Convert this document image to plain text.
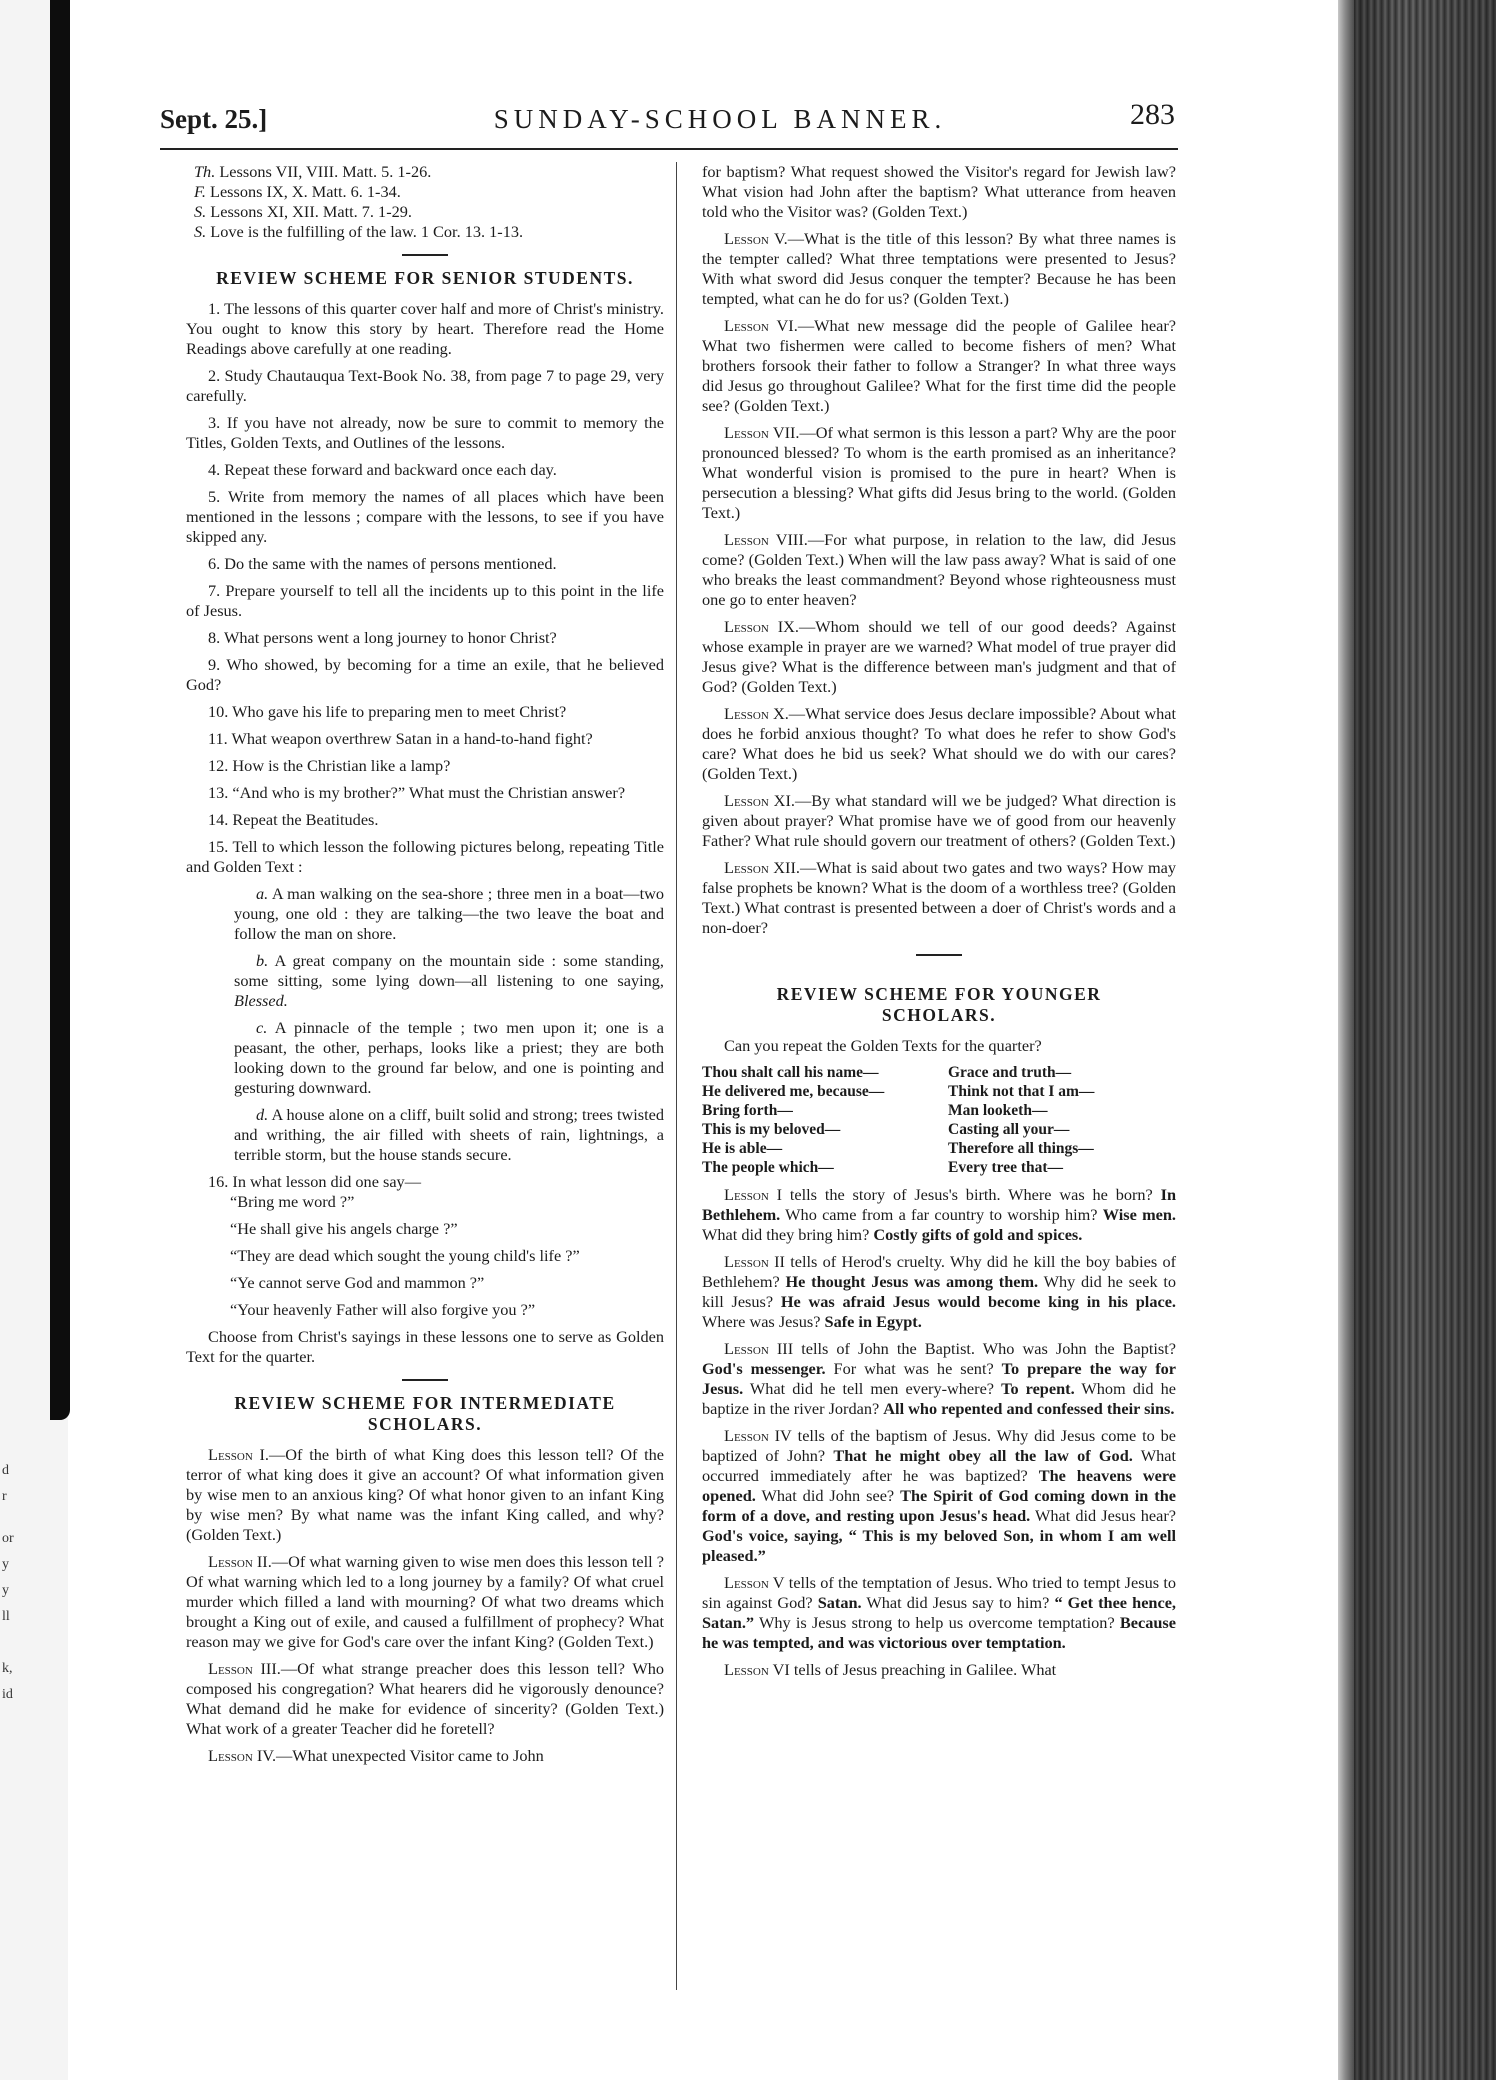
d
r
or
y
y
ll
k,
id
Sept. 25.]	SUNDAY-SCHOOL BANNER.	283
Th. Lessons VII, VIII. Matt. 5. 1-26.
F. Lessons IX, X. Matt. 6. 1-34.
S. Lessons XI, XII. Matt. 7. 1-29.
S. Love is the fulfilling of the law. 1 Cor. 13. 1-13.
REVIEW SCHEME FOR SENIOR STUDENTS.

1. The lessons of this quarter cover half and more of Christ's ministry. You ought to know this story by heart. Therefore read the Home Readings above carefully at one reading.

2. Study Chautauqua Text-Book No. 38, from page 7 to page 29, very carefully.

3. If you have not already, now be sure to commit to memory the Titles, Golden Texts, and Outlines of the lessons.

4. Repeat these forward and backward once each day.

5. Write from memory the names of all places which have been mentioned in the lessons ; compare with the lessons, to see if you have skipped any.

6. Do the same with the names of persons mentioned.

7. Prepare yourself to tell all the incidents up to this point in the life of Jesus.

8. What persons went a long journey to honor Christ?

9. Who showed, by becoming for a time an exile, that he believed God?

10. Who gave his life to preparing men to meet Christ?

11. What weapon overthrew Satan in a hand-to-hand fight?

12. How is the Christian like a lamp?

13. “And who is my brother?” What must the Christian answer?

14. Repeat the Beatitudes.

15. Tell to which lesson the following pictures belong, repeating Title and Golden Text :

a. A man walking on the sea-shore ; three men in a boat—two young, one old : they are talking—the two leave the boat and follow the man on shore.

b. A great company on the mountain side : some standing, some sitting, some lying down—all listening to one saying, Blessed.

c. A pinnacle of the temple ; two men upon it; one is a peasant, the other, perhaps, looks like a priest; they are both looking down to the ground far below, and one is pointing and gesturing downward.

d. A house alone on a cliff, built solid and strong; trees twisted and writhing, the air filled with sheets of rain, lightnings, a terrible storm, but the house stands secure.

16. In what lesson did one say—

“Bring me word ?”

“He shall give his angels charge ?”

“They are dead which sought the young child's life ?”

“Ye cannot serve God and mammon ?”

“Your heavenly Father will also forgive you ?”

Choose from Christ's sayings in these lessons one to serve as Golden Text for the quarter.

REVIEW SCHEME FOR INTERMEDIATE SCHOLARS.

Lesson I.—Of the birth of what King does this lesson tell? Of the terror of what king does it give an account? Of what information given by wise men to an anxious king? Of what honor given to an infant King by wise men? By what name was the infant King called, and why? (Golden Text.)

Lesson II.—Of what warning given to wise men does this lesson tell ? Of what warning which led to a long journey by a family? Of what cruel murder which filled a land with mourning? Of what two dreams which brought a King out of exile, and caused a fulfillment of prophecy? What reason may we give for God's care over the infant King? (Golden Text.)

Lesson III.—Of what strange preacher does this lesson tell? Who composed his congregation? What hearers did he vigorously denounce? What demand did he make for evidence of sincerity? (Golden Text.) What work of a greater Teacher did he foretell?

Lesson IV.—What unexpected Visitor came to John

for baptism? What request showed the Visitor's regard for Jewish law? What vision had John after the baptism? What utterance from heaven told who the Visitor was? (Golden Text.)

Lesson V.—What is the title of this lesson? By what three names is the tempter called? What three temptations were presented to Jesus? With what sword did Jesus conquer the tempter? Because he has been tempted, what can he do for us? (Golden Text.)

Lesson VI.—What new message did the people of Galilee hear? What two fishermen were called to become fishers of men? What brothers forsook their father to follow a Stranger? In what three ways did Jesus go throughout Galilee? What for the first time did the people see? (Golden Text.)

Lesson VII.—Of what sermon is this lesson a part? Why are the poor pronounced blessed? To whom is the earth promised as an inheritance? What wonderful vision is promised to the pure in heart? When is persecution a blessing? What gifts did Jesus bring to the world. (Golden Text.)

Lesson VIII.—For what purpose, in relation to the law, did Jesus come? (Golden Text.) When will the law pass away? What is said of one who breaks the least commandment? Beyond whose righteousness must one go to enter heaven?

Lesson IX.—Whom should we tell of our good deeds? Against whose example in prayer are we warned? What model of true prayer did Jesus give? What is the difference between man's judgment and that of God? (Golden Text.)

Lesson X.—What service does Jesus declare impossible? About what does he forbid anxious thought? To what does he refer to show God's care? What does he bid us seek? What should we do with our cares? (Golden Text.)

Lesson XI.—By what standard will we be judged? What direction is given about prayer? What promise have we of good from our heavenly Father? What rule should govern our treatment of others? (Golden Text.)

Lesson XII.—What is said about two gates and two ways? How may false prophets be known? What is the doom of a worthless tree? (Golden Text.) What contrast is presented between a doer of Christ's words and a non-doer?

REVIEW SCHEME FOR YOUNGER SCHOLARS.

Can you repeat the Golden Texts for the quarter?

Thou shalt call his name—	Grace and truth—
He delivered me, because—	Think not that I am—
Bring forth—	Man looketh—
This is my beloved—	Casting all your—
He is able—	Therefore all things—
The people which—	Every tree that—

Lesson I tells the story of Jesus's birth. Where was he born? In Bethlehem. Who came from a far country to worship him? Wise men. What did they bring him? Costly gifts of gold and spices.

Lesson II tells of Herod's cruelty. Why did he kill the boy babies of Bethlehem? He thought Jesus was among them. Why did he seek to kill Jesus? He was afraid Jesus would become king in his place. Where was Jesus? Safe in Egypt.

Lesson III tells of John the Baptist. Who was John the Baptist? God's messenger. For what was he sent? To prepare the way for Jesus. What did he tell men every-where? To repent. Whom did he baptize in the river Jordan? All who repented and confessed their sins.

Lesson IV tells of the baptism of Jesus. Why did Jesus come to be baptized of John? That he might obey all the law of God. What occurred immediately after he was baptized? The heavens were opened. What did John see? The Spirit of God coming down in the form of a dove, and resting upon Jesus's head. What did Jesus hear? God's voice, saying, “ This is my beloved Son, in whom I am well pleased.”

Lesson V tells of the temptation of Jesus. Who tried to tempt Jesus to sin against God? Satan. What did Jesus say to him? “ Get thee hence, Satan.” Why is Jesus strong to help us overcome temptation? Because he was tempted, and was victorious over temptation.

Lesson VI tells of Jesus preaching in Galilee. What
